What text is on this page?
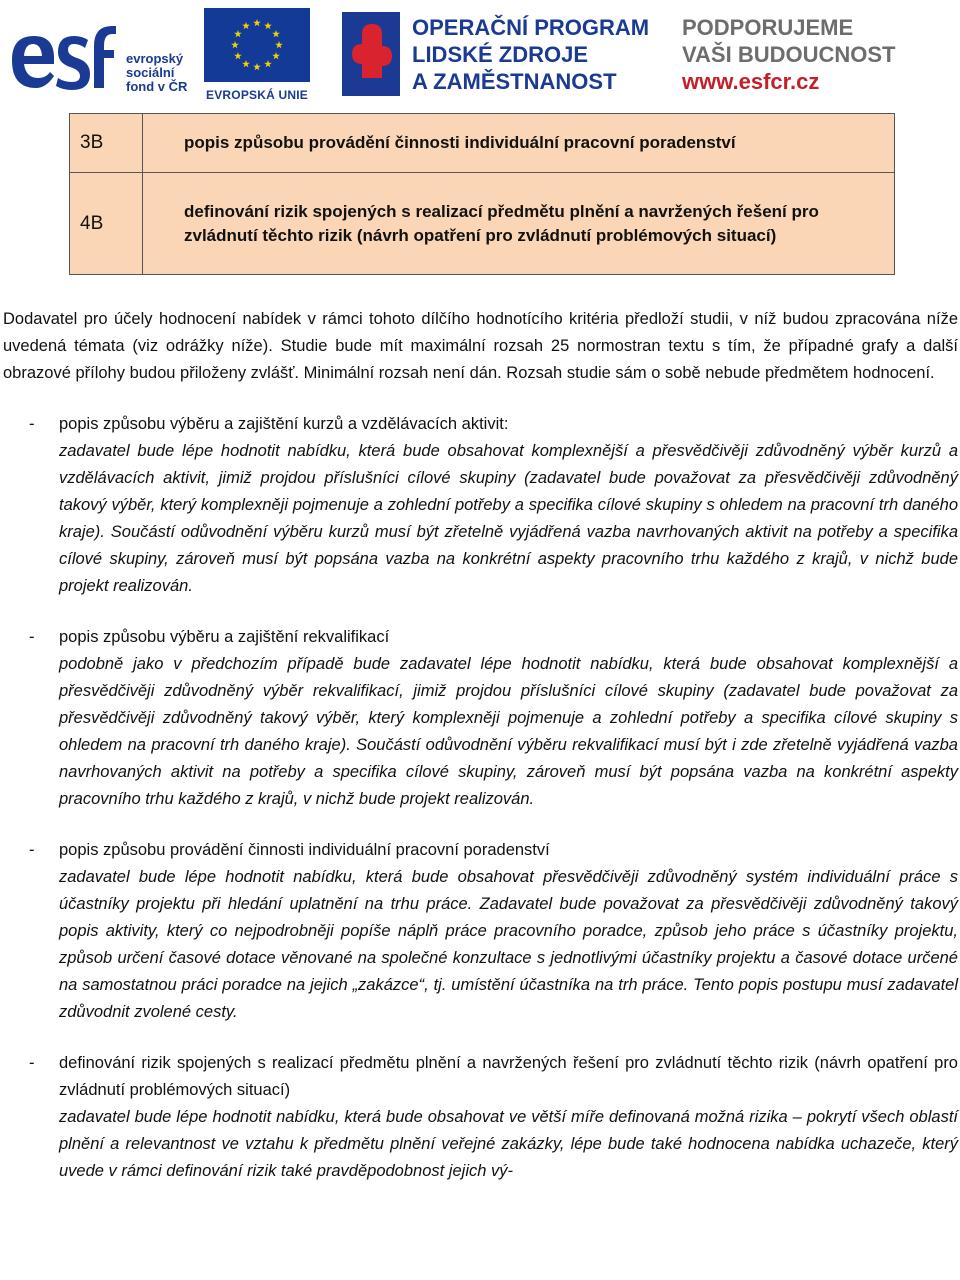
evropský
sociální
fond v ČR
EVROPSKÁ UNIE
OPERAČNÍ PROGRAM
LIDSKÉ ZDROJE
A ZAMĚSTNANOST
PODPORUJEME
VAŠI BUDOUCNOST
www.esfcr.cz
3B	popis způsobu provádění činnosti individuální pracovní poradenství
4B	definování rizik spojených s realizací předmětu plnění a navržených řešení pro zvládnutí těchto rizik (návrh opatření pro zvládnutí problémových situací)

Dodavatel pro účely hodnocení nabídek v rámci tohoto dílčího hodnotícího kritéria předloží studii, v níž budou zpracována níže uvedená témata (viz odrážky níže). Studie bude mít maximální rozsah 25 normostran textu s tím, že případné grafy a další obrazové přílohy budou přiloženy zvlášť. Minimální rozsah není dán. Rozsah studie sám o sobě nebude předmětem hodnocení.

- popis způsobu výběru a zajištění kurzů a vzdělávacích aktivit:
zadavatel bude lépe hodnotit nabídku, která bude obsahovat komplexnější a přesvědčivěji zdůvodněný výběr kurzů a vzdělávacích aktivit, jimiž projdou příslušníci cílové skupiny (zadavatel bude považovat za přesvědčivěji zdůvodněný takový výběr, který komplexněji pojmenuje a zohlední potřeby a specifika cílové skupiny s ohledem na pracovní trh daného kraje). Součástí odůvodnění výběru kurzů musí být zřetelně vyjádřená vazba navrhovaných aktivit na potřeby a specifika cílové skupiny, zároveň musí být popsána vazba na konkrétní aspekty pracovního trhu každého z krajů, v nichž bude projekt realizován.
- popis způsobu výběru a zajištění rekvalifikací
podobně jako v předchozím případě bude zadavatel lépe hodnotit nabídku, která bude obsahovat komplexnější a přesvědčivěji zdůvodněný výběr rekvalifikací, jimiž projdou příslušníci cílové skupiny (zadavatel bude považovat za přesvědčivěji zdůvodněný takový výběr, který komplexněji pojmenuje a zohlední potřeby a specifika cílové skupiny s ohledem na pracovní trh daného kraje). Součástí odůvodnění výběru rekvalifikací musí být i zde zřetelně vyjádřená vazba navrhovaných aktivit na potřeby a specifika cílové skupiny, zároveň musí být popsána vazba na konkrétní aspekty pracovního trhu každého z krajů, v nichž bude projekt realizován.
- popis způsobu provádění činnosti individuální pracovní poradenství
zadavatel bude lépe hodnotit nabídku, která bude obsahovat přesvědčivěji zdůvodněný systém individuální práce s účastníky projektu při hledání uplatnění na trhu práce. Zadavatel bude považovat za přesvědčivěji zdůvodněný takový popis aktivity, který co nejpodrobněji popíše náplň práce pracovního poradce, způsob jeho práce s účastníky projektu, způsob určení časové dotace věnované na společné konzultace s jednotlivými účastníky projektu a časové dotace určené na samostatnou práci poradce na jejich „zakázce“, tj. umístění účastníka na trh práce. Tento popis postupu musí zadavatel zdůvodnit zvolené cesty.
- definování rizik spojených s realizací předmětu plnění a navržených řešení pro zvládnutí těchto rizik (návrh opatření pro zvládnutí problémových situací)
zadavatel bude lépe hodnotit nabídku, která bude obsahovat ve větší míře definovaná možná rizika – pokrytí všech oblastí plnění a relevantnost ve vztahu k předmětu plnění veřejné zakázky, lépe bude také hodnocena nabídka uchazeče, který uvede v rámci definování rizik také pravděpodobnost jejich vý-
